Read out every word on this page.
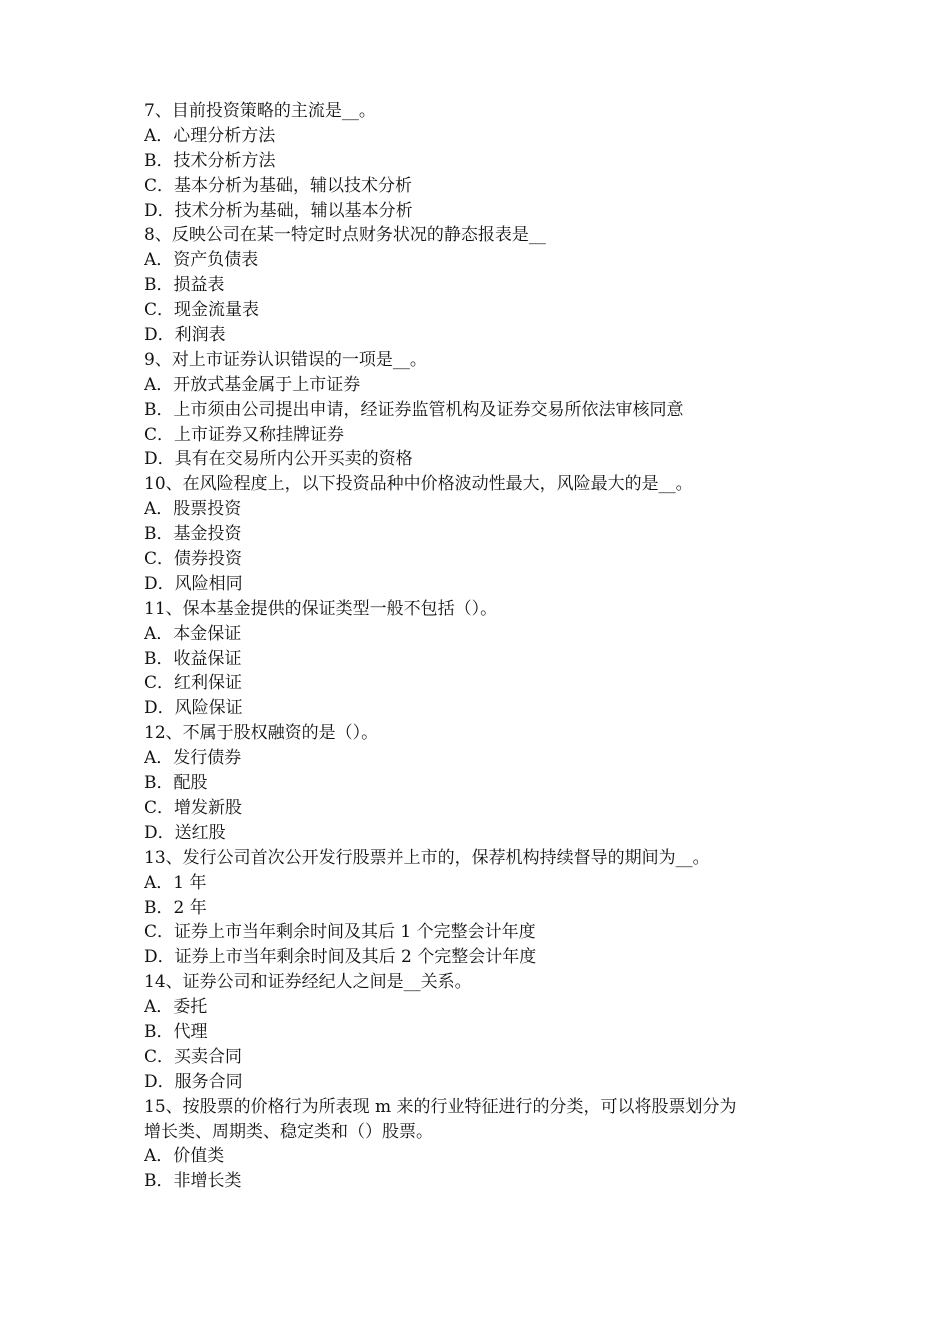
7、目前投资策略的主流是__。
A．心理分析方法
B．技术分析方法
C．基本分析为基础，辅以技术分析
D．技术分析为基础，辅以基本分析
8、反映公司在某一特定时点财务状况的静态报表是__
A．资产负债表
B．损益表
C．现金流量表
D．利润表
9、对上市证券认识错误的一项是__。
A．开放式基金属于上市证券
B．上市须由公司提出申请，经证券监管机构及证券交易所依法审核同意
C．上市证券又称挂牌证券
D．具有在交易所内公开买卖的资格
10、在风险程度上，以下投资品种中价格波动性最大，风险最大的是__。
A．股票投资
B．基金投资
C．债券投资
D．风险相同
11、保本基金提供的保证类型一般不包括（）。
A．本金保证
B．收益保证
C．红利保证
D．风险保证
12、不属于股权融资的是（）。
A．发行债券
B．配股
C．增发新股
D．送红股
13、发行公司首次公开发行股票并上市的，保荐机构持续督导的期间为__。
A．1 年
B．2 年
C．证券上市当年剩余时间及其后 1 个完整会计年度
D．证券上市当年剩余时间及其后 2 个完整会计年度
14、证券公司和证券经纪人之间是__关系。
A．委托
B．代理
C．买卖合同
D．服务合同
15、按股票的价格行为所表现 m 来的行业特征进行的分类，可以将股票划分为
增长类、周期类、稳定类和（）股票。
A．价值类
B．非增长类
